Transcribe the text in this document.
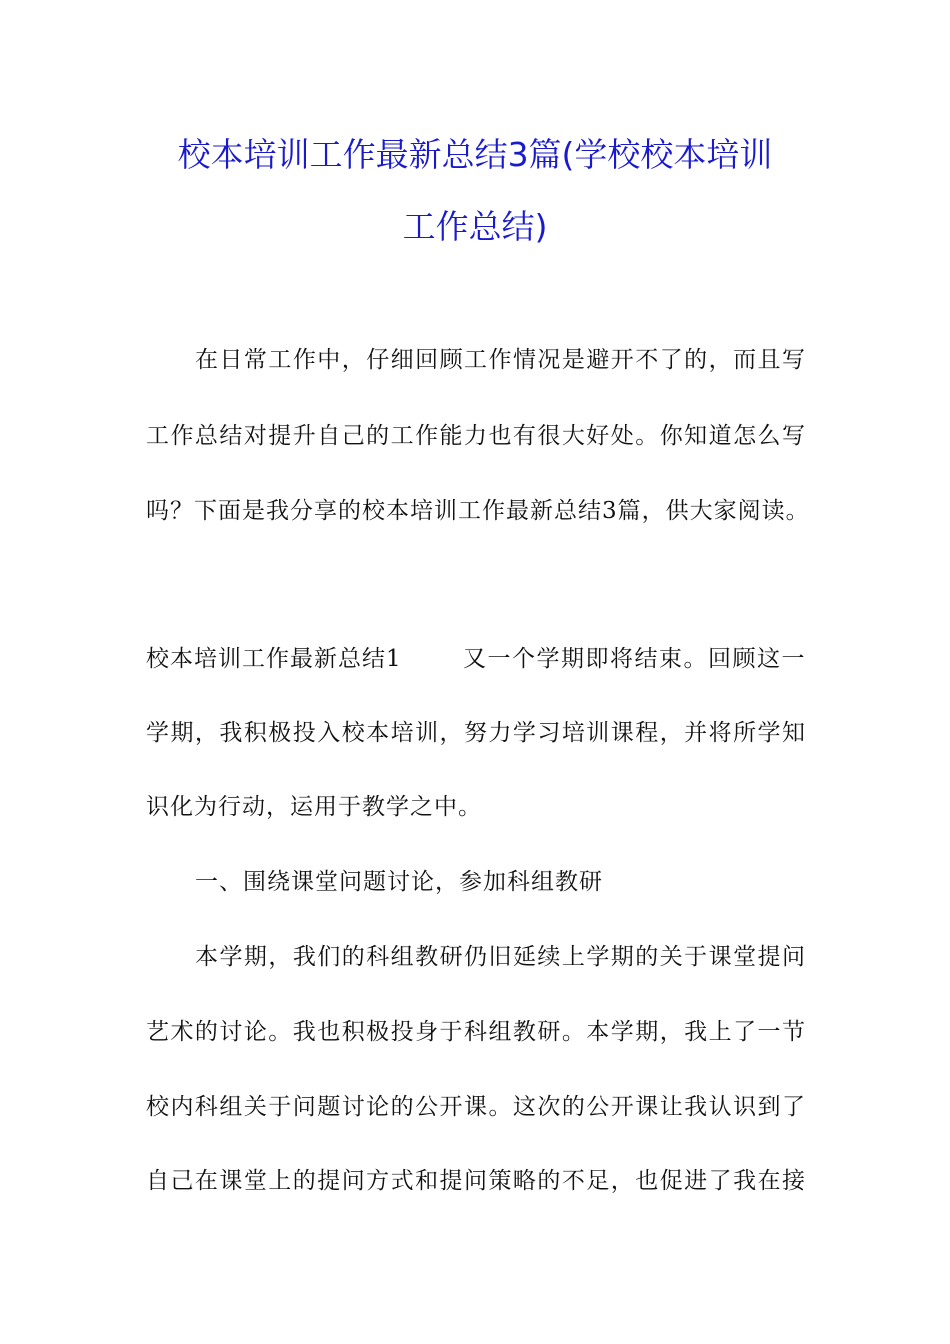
校本培训工作最新总结3篇(学校校本培训
工作总结)
在日常工作中，仔细回顾工作情况是避开不了的，而且写
工作总结对提升自己的工作能力也有很大好处。你知道怎么写
吗？下面是我分享的校本培训工作最新总结3篇，供大家阅读。
校本培训工作最新总结1	又一个学期即将结束。回顾这一
学期，我积极投入校本培训，努力学习培训课程，并将所学知
识化为行动，运用于教学之中。
一、围绕课堂问题讨论，参加科组教研
本学期，我们的科组教研仍旧延续上学期的关于课堂提问
艺术的讨论。我也积极投身于科组教研。本学期，我上了一节
校内科组关于问题讨论的公开课。这次的公开课让我认识到了
自己在课堂上的提问方式和提问策略的不足，也促进了我在接
